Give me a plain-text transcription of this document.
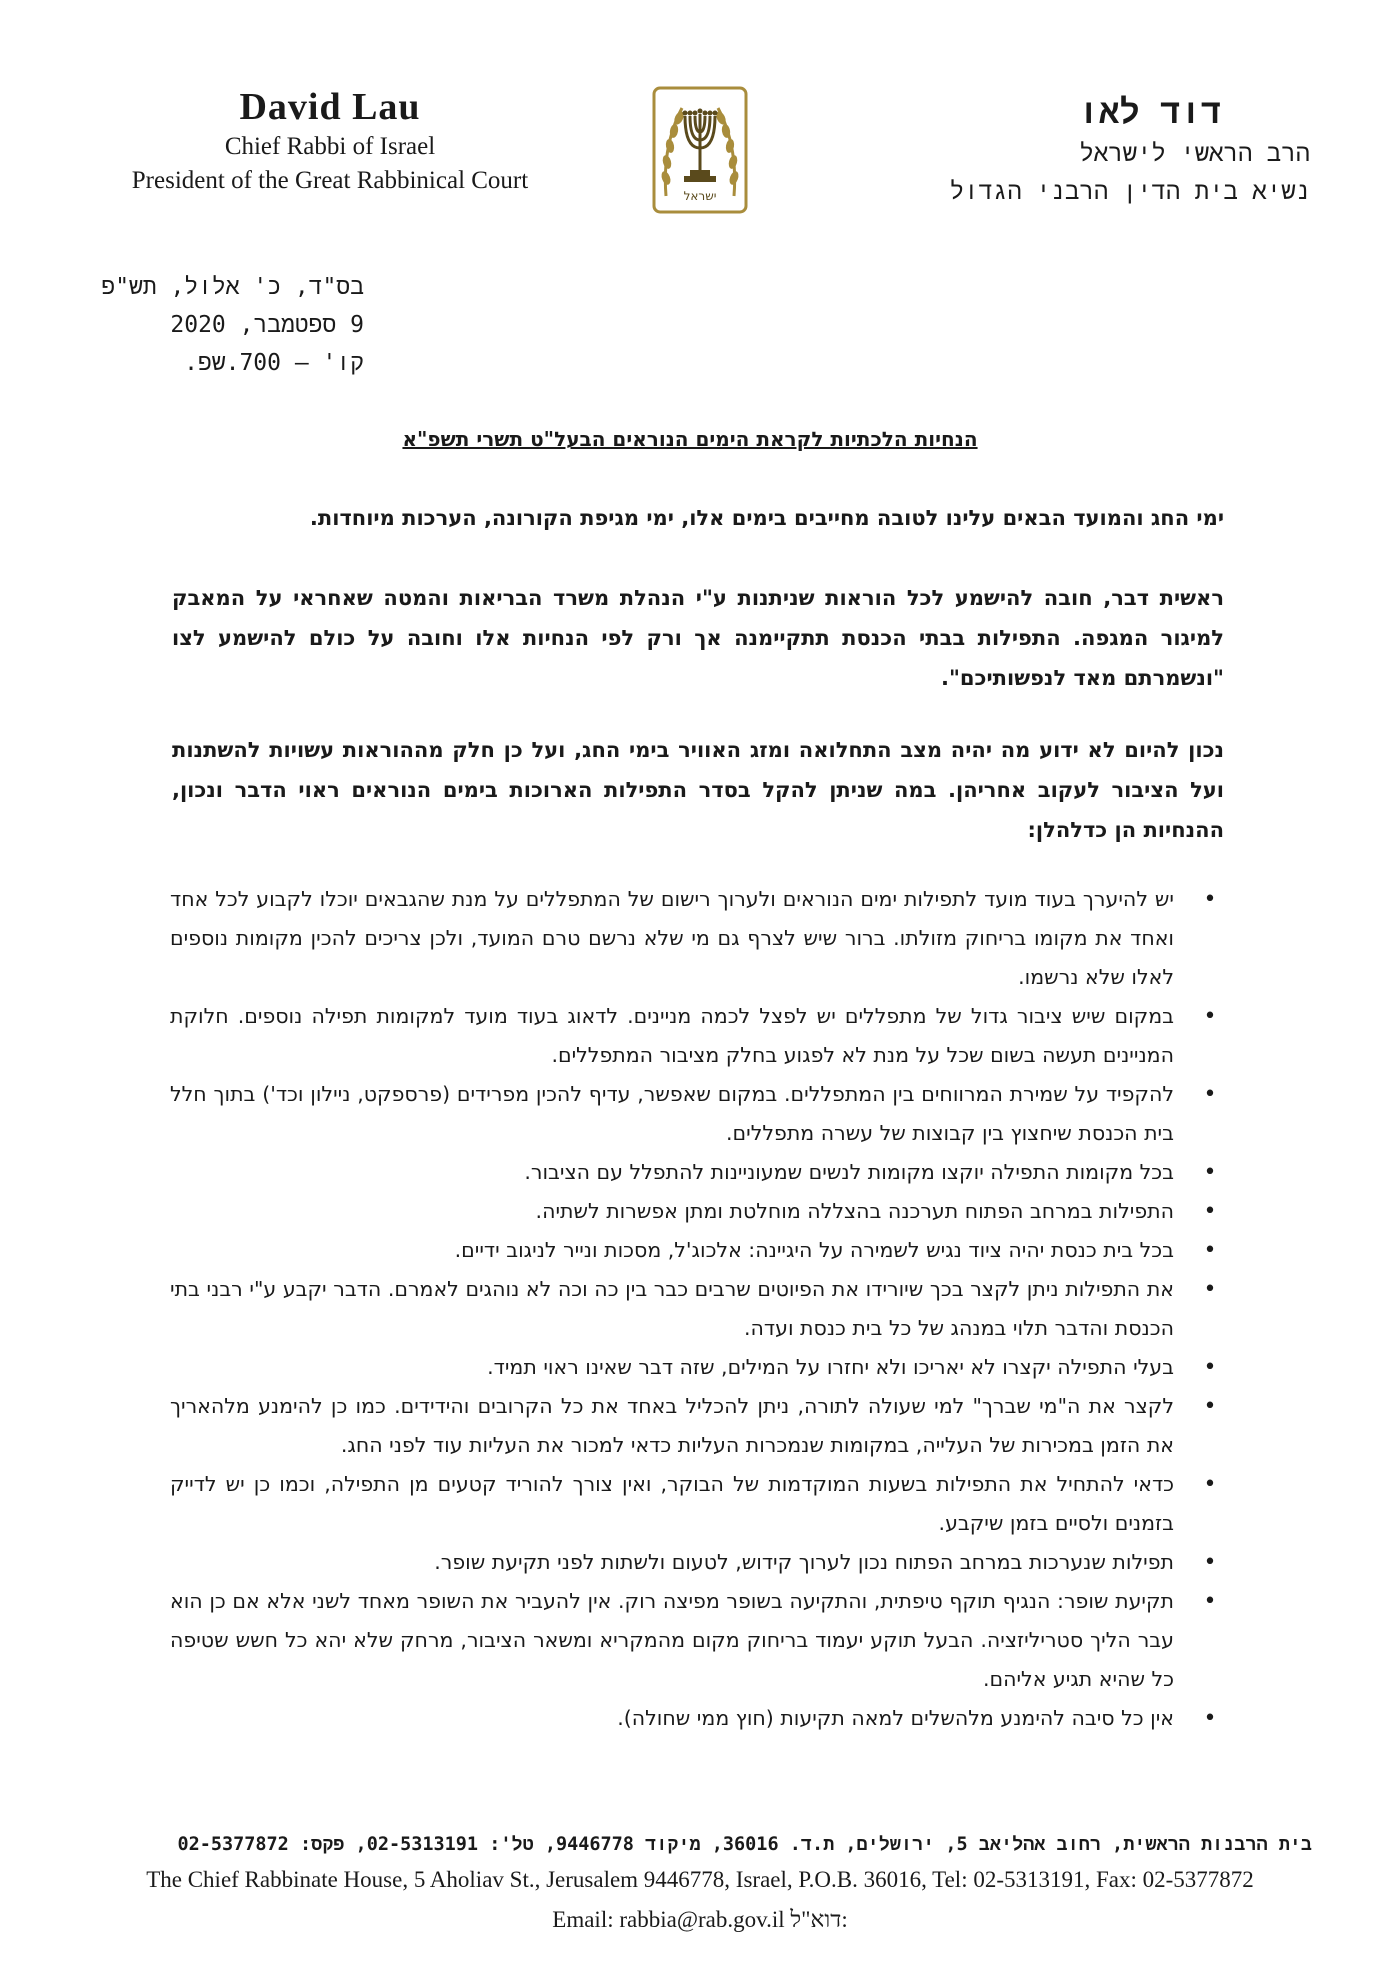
David Lau
Chief Rabbi of Israel
President of the Great Rabbinical Court
ישראל
דוד לאו
הרב הראשי לישראל
נשיא בית הדין הרבני הגדול
בס"ד, כ' אלול, תש"פ
9 ספטמבר, 2020
קו' – 700.שפ.
הנחיות הלכתיות לקראת הימים הנוראים הבעל"ט תשרי תשפ"א
ימי החג והמועד הבאים עלינו לטובה מחייבים בימים אלו, ימי מגיפת הקורונה, הערכות מיוחדות.
ראשית דבר, חובה להישמע לכל הוראות שניתנות ע"י הנהלת משרד הבריאות והמטה שאחראי על המאבק למיגור המגפה. התפילות בבתי הכנסת תתקיימנה אך ורק לפי הנחיות אלו וחובה על כולם להישמע לצו "ונשמרתם מאד לנפשותיכם".
נכון להיום לא ידוע מה יהיה מצב התחלואה ומזג האוויר בימי החג, ועל כן חלק מההוראות עשויות להשתנות ועל הציבור לעקוב אחריהן. במה שניתן להקל בסדר התפילות הארוכות בימים הנוראים ראוי הדבר ונכון, ההנחיות הן כדלהלן:
•
יש להיערך בעוד מועד לתפילות ימים הנוראים ולערוך רישום של המתפללים על מנת שהגבאים יוכלו לקבוע לכל אחד ואחד את מקומו בריחוק מזולתו. ברור שיש לצרף גם מי שלא נרשם טרם המועד, ולכן צריכים להכין מקומות נוספים לאלו שלא נרשמו.
•
במקום שיש ציבור גדול של מתפללים יש לפצל לכמה מניינים. לדאוג בעוד מועד למקומות תפילה נוספים. חלוקת המניינים תעשה בשום שכל על מנת לא לפגוע בחלק מציבור המתפללים.
•
להקפיד על שמירת המרווחים בין המתפללים. במקום שאפשר, עדיף להכין מפרידים (פרספקט, ניילון וכד') בתוך חלל בית הכנסת שיחצוץ בין קבוצות של עשרה מתפללים.
•
בכל מקומות התפילה יוקצו מקומות לנשים שמעוניינות להתפלל עם הציבור.
•
התפילות במרחב הפתוח תערכנה בהצללה מוחלטת ומתן אפשרות לשתיה.
•
בכל בית כנסת יהיה ציוד נגיש לשמירה על היגיינה: אלכוג'ל, מסכות ונייר לניגוב ידיים.
•
את התפילות ניתן לקצר בכך שיורידו את הפיוטים שרבים כבר בין כה וכה לא נוהגים לאמרם. הדבר יקבע ע"י רבני בתי הכנסת והדבר תלוי במנהג של כל בית כנסת ועדה.
•
בעלי התפילה יקצרו לא יאריכו ולא יחזרו על המילים, שזה דבר שאינו ראוי תמיד.
•
לקצר את ה"מי שברך" למי שעולה לתורה, ניתן להכליל באחד את כל הקרובים והידידים. כמו כן להימנע מלהאריך את הזמן במכירות של העלייה, במקומות שנמכרות העליות כדאי למכור את העליות עוד לפני החג.
•
כדאי להתחיל את התפילות בשעות המוקדמות של הבוקר, ואין צורך להוריד קטעים מן התפילה, וכמו כן יש לדייק בזמנים ולסיים בזמן שיקבע.
•
תפילות שנערכות במרחב הפתוח נכון לערוך קידוש, לטעום ולשתות לפני תקיעת שופר.
•
תקיעת שופר: הנגיף תוקף טיפתית, והתקיעה בשופר מפיצה רוק. אין להעביר את השופר מאחד לשני אלא אם כן הוא עבר הליך סטריליזציה. הבעל תוקע יעמוד בריחוק מקום מהמקריא ומשאר הציבור, מרחק שלא יהא כל חשש שטיפה כל שהיא תגיע אליהם.
•
אין כל סיבה להימנע מלהשלים למאה תקיעות (חוץ ממי שחולה).
בית הרבנות הראשית, רחוב אהליאב 5, ירושלים, ת.ד. 36016, מיקוד 9446778, טל': 02-5313191, פקס: 02-5377872
The Chief Rabbinate House, 5 Aholiav St., Jerusalem 9446778, Israel, P.O.B. 36016, Tel: 02-5313191, Fax: 02-5377872
Email: rabbia@rab.gov.il דוא"ל:
